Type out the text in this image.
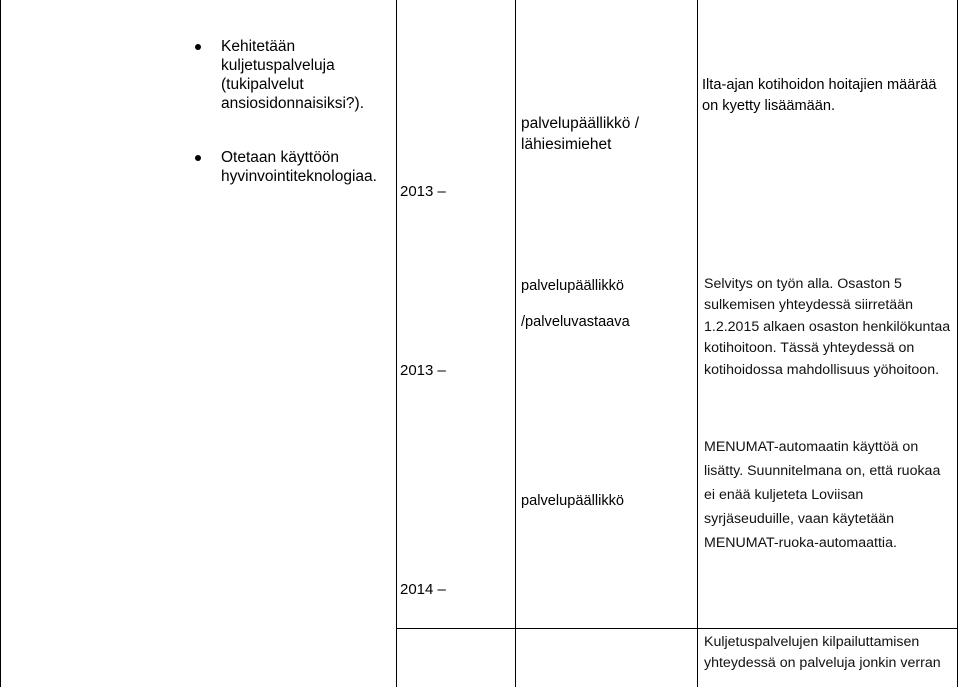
Kehitetään
kuljetuspalveluja
(tukipalvelut
ansiosidonnaisiksi?).
Otetaan käyttöön
hyvinvointiteknologiaa.
2013 –
palvelupäällikkö /
lähiesimiehet
Ilta-ajan kotihoidon hoitajien määrää
on kyetty lisäämään.
2013 –
palvelupäällikkö
/palveluvastaava
Selvitys on työn alla. Osaston 5
sulkemisen yhteydessä siirretään
1.2.2015 alkaen osaston henkilökuntaa
kotihoitoon. Tässä yhteydessä on
kotihoidossa mahdollisuus yöhoitoon.
2014 –
palvelupäällikkö
MENUMAT-automaatin käyttöä on
lisätty. Suunnitelmana on, että ruokaa
ei enää kuljeteta Loviisan
syrjäseuduille, vaan käytetään
MENUMAT-ruoka-automaattia.
Kuljetuspalvelujen kilpailuttamisen
yhteydessä on palveluja jonkin verran
